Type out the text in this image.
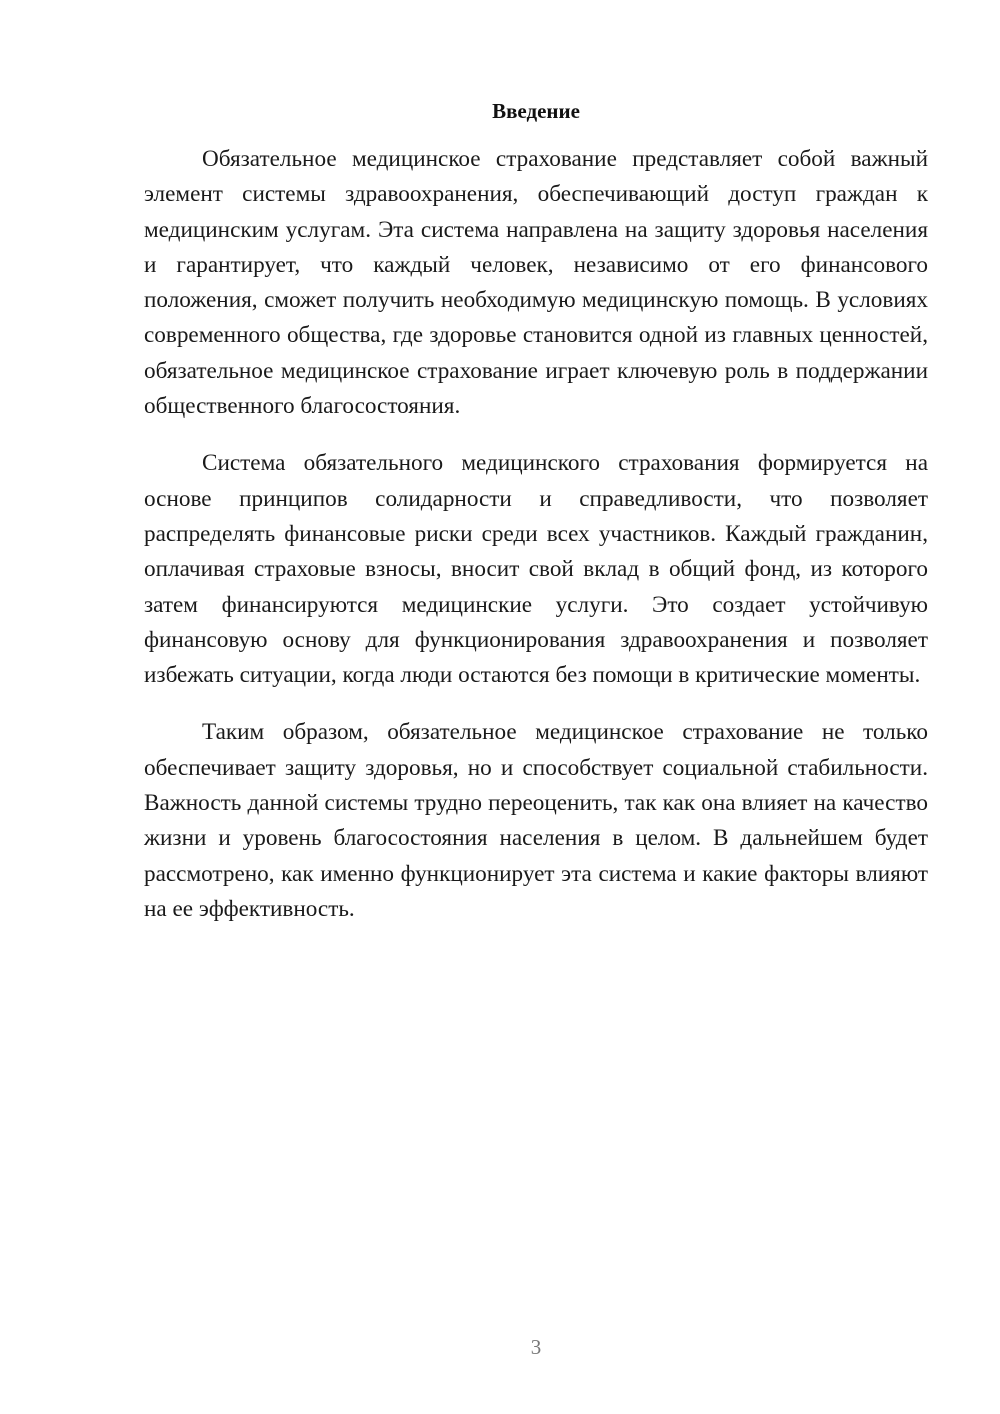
Введение

Обязательное медицинское страхование представляет собой важный элемент системы здравоохранения, обеспечивающий доступ граждан к медицинским услугам. Эта система направлена на защиту здоровья населения и гарантирует, что каждый человек, независимо от его финансового положения, сможет получить необходимую медицинскую помощь. В условиях современного общества, где здоровье становится одной из главных ценностей, обязательное медицинское страхование играет ключевую роль в поддержании общественного благосостояния.

Система обязательного медицинского страхования формируется на основе принципов солидарности и справедливости, что позволяет распределять финансовые риски среди всех участников. Каждый гражданин, оплачивая страховые взносы, вносит свой вклад в общий фонд, из которого затем финансируются медицинские услуги. Это создает устойчивую финансовую основу для функционирования здравоохранения и позволяет избежать ситуации, когда люди остаются без помощи в критические моменты.

Таким образом, обязательное медицинское страхование не только обеспечивает защиту здоровья, но и способствует социальной стабильности. Важность данной системы трудно переоценить, так как она влияет на качество жизни и уровень благосостояния населения в целом. В дальнейшем будет рассмотрено, как именно функционирует эта система и какие факторы влияют на ее эффективность.

3
